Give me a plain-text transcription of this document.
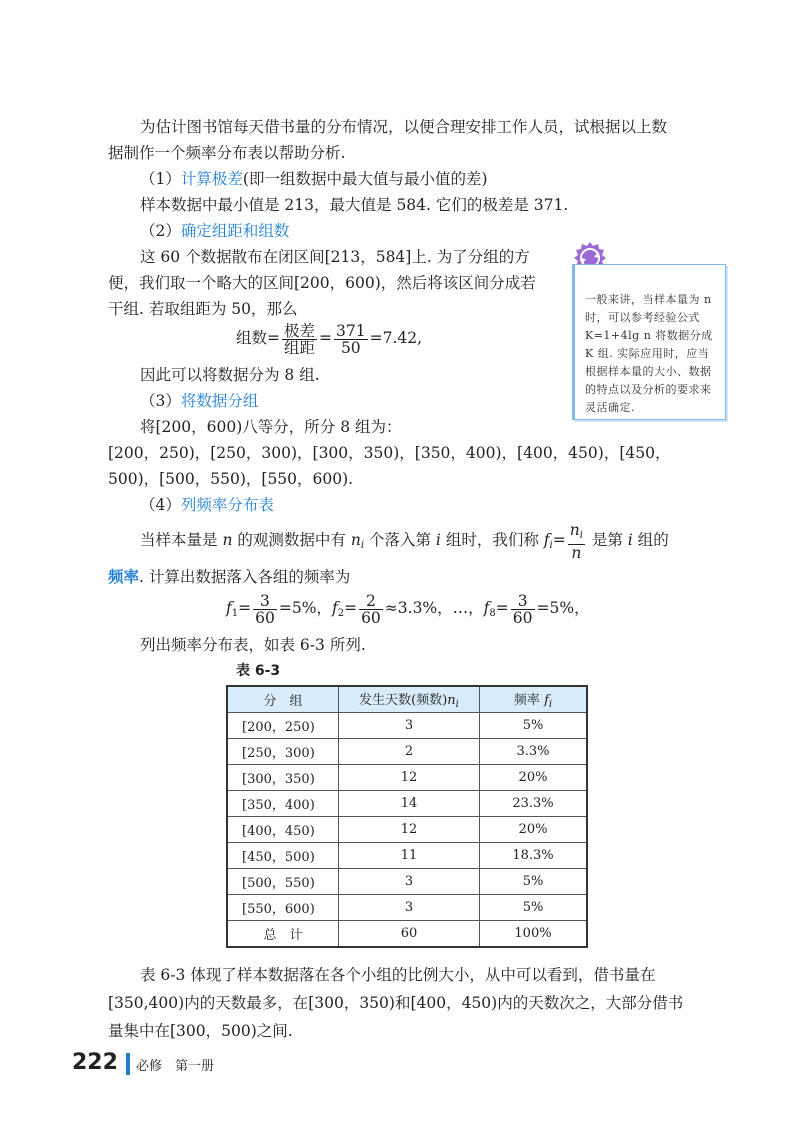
为估计图书馆每天借书量的分布情况，以便合理安排工作人员，试根据以上数
据制作一个频率分布表以帮助分析.
（1）计算极差(即一组数据中最大值与最小值的差)
样本数据中最小值是 213，最大值是 584. 它们的极差是 371.
（2）确定组距和组数
这 60 个数据散布在闭区间[213，584]上. 为了分组的方
便，我们取一个略大的区间[200，600)，然后将该区间分成若
干组. 若取组距为 50，那么
组数= $\frac{\text{极差}}{\text{组距}} = \frac{371}{50} =7.42$,
因此可以将数据分为 8 组.
（3）将数据分组
将[200，600)八等分，所分 8 组为：
[200，250)，[250，300)，[300，350)，[350，400)，[400，450)，[450，
500)，[500，550)，[550，600).
（4）列频率分布表
当样本量是 n 的观测数据中有 $n_i$ 个落入第 i 组时，我们称 $f_i= \frac{n_i}{n}$ 是第 i 组的
频率. 计算出数据落入各组的频率为
$f_1= \frac{3}{60} =5\%$，$f_2= \frac{2}{60} \approx 3.3\%$，…，$f_8= \frac{3}{60} =5\%$，
列出频率分布表，如表 6-3 所列.
表 6-3
分　组	发生天数(频数)$n_i$	频率 $f_i$
[200，250)	3	5%
[250，300)	2	3.3%
[300，350)	12	20%
[350，400)	14	23.3%
[400，450)	12	20%
[450，500)	11	18.3%
[500，550)	3	5%
[550，600)	3	5%
总　计	60	100%
表 6-3 体现了样本数据落在各个小组的比例大小，从中可以看到，借书量在
[350,400)内的天数最多，在[300，350)和[400，450)内的天数次之，大部分借书
量集中在[300，500)之间.
一般来讲，当样本量为 n 时，可以参考经验公式 K=1+4lg n 将数据分成 K 组. 实际应用时，应当根据样本量的大小、数据的特点以及分析的要求来灵活确定.
222 必修　第一册
